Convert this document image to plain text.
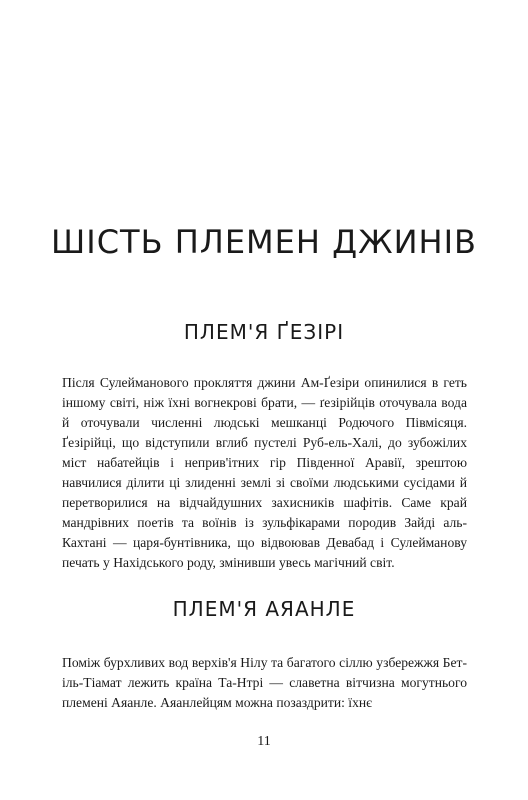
ШІСТЬ ПЛЕМЕН ДЖИНІВ
ПЛЕМ'Я ҐЕЗІРІ

Після Сулейманового прокляття джини Ам-Ґезіри опинилися в геть іншому світі, ніж їхні вогнекрові брати, — ґезірійців оточувала вода й оточували численні людські мешканці Родючого Півмісяця. Ґезірійці, що відступили вглиб пустелі Руб-ель-Халі, до зубожілих міст набатейців і неприв'ітних гір Південної Аравії, зрештою навчилися ділити ці злиденні землі зі своїми людськими сусідами й перетворилися на відчайдушних захисників шафітів. Саме край мандрівних поетів та воїнів із зульфікарами породив Зайді аль-Кахтані — царя-бунтівника, що відвоював Девабад і Сулейманову печать у Нахідського роду, змінивши увесь магічний світ.

ПЛЕМ'Я АЯАНЛЕ

Поміж бурхливих вод верхів'я Нілу та багатого сіллю узбережжя Бет-іль-Тіамат лежить країна Та-Нтрі — славетна вітчизна могутнього племені Аяанле. Аяанлейцям можна позаздрити: їхнє

11
